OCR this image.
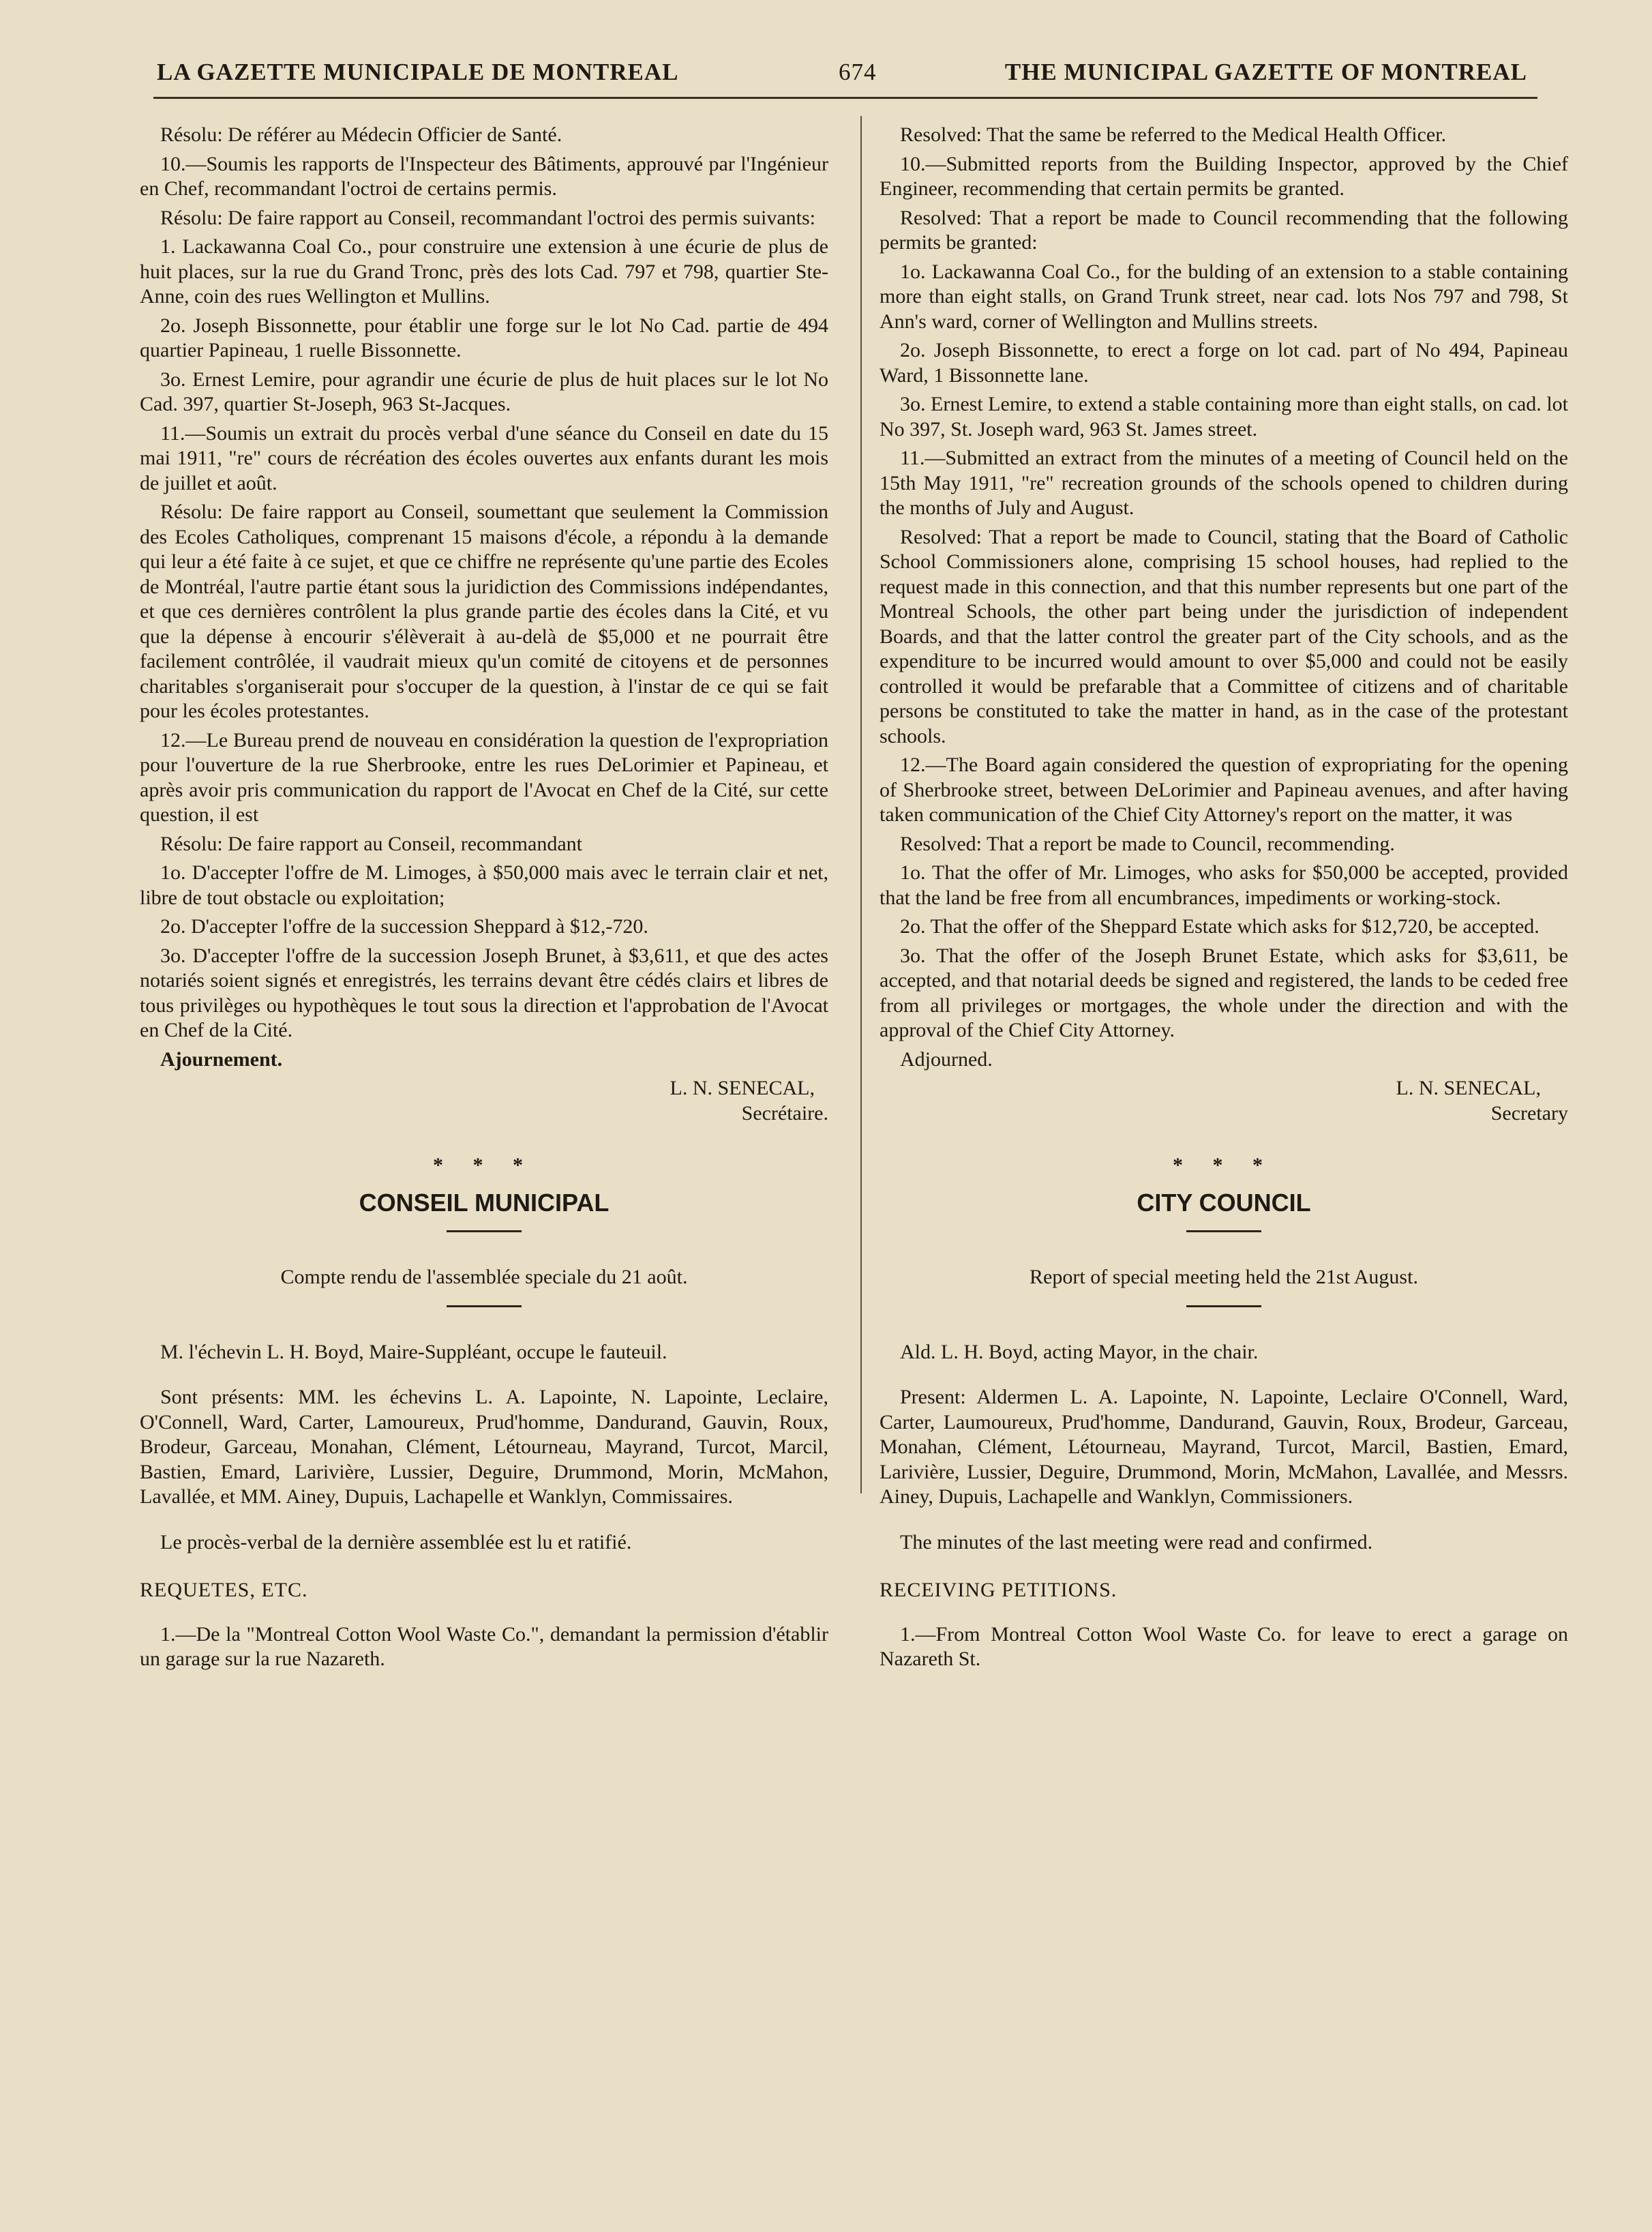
LA GAZETTE MUNICIPALE DE MONTREAL	674	THE MUNICIPAL GAZETTE OF MONTREAL

Résolu: De référer au Médecin Officier de Santé.

10.—Soumis les rapports de l'Inspecteur des Bâtiments, approuvé par l'Ingénieur en Chef, recommandant l'octroi de certains permis.

Résolu: De faire rapport au Conseil, recommandant l'octroi des permis suivants:

1. Lackawanna Coal Co., pour construire une extension à une écurie de plus de huit places, sur la rue du Grand Tronc, près des lots Cad. 797 et 798, quartier Ste-Anne, coin des rues Wellington et Mullins.

2o. Joseph Bissonnette, pour établir une forge sur le lot No Cad. partie de 494 quartier Papineau, 1 ruelle Bissonnette.

3o. Ernest Lemire, pour agrandir une écurie de plus de huit places sur le lot No Cad. 397, quartier St-Joseph, 963 St-Jacques.

11.—Soumis un extrait du procès verbal d'une séance du Conseil en date du 15 mai 1911, "re" cours de récréation des écoles ouvertes aux enfants durant les mois de juillet et août.

Résolu: De faire rapport au Conseil, soumettant que seulement la Commission des Ecoles Catholiques, comprenant 15 maisons d'école, a répondu à la demande qui leur a été faite à ce sujet, et que ce chiffre ne représente qu'une partie des Ecoles de Montréal, l'autre partie étant sous la juridiction des Commissions indépendantes, et que ces dernières contrôlent la plus grande partie des écoles dans la Cité, et vu que la dépense à encourir s'élèverait à au-delà de $5,000 et ne pourrait être facilement contrôlée, il vaudrait mieux qu'un comité de citoyens et de personnes charitables s'organiserait pour s'occuper de la question, à l'instar de ce qui se fait pour les écoles protestantes.

12.—Le Bureau prend de nouveau en considération la question de l'expropriation pour l'ouverture de la rue Sherbrooke, entre les rues DeLorimier et Papineau, et après avoir pris communication du rapport de l'Avocat en Chef de la Cité, sur cette question, il est

Résolu: De faire rapport au Conseil, recommandant

1o. D'accepter l'offre de M. Limoges, à $50,000 mais avec le terrain clair et net, libre de tout obstacle ou exploitation;

2o. D'accepter l'offre de la succession Sheppard à $12,-720.

3o. D'accepter l'offre de la succession Joseph Brunet, à $3,611, et que des actes notariés soient signés et enregistrés, les terrains devant être cédés clairs et libres de tous privilèges ou hypothèques le tout sous la direction et l'approbation de l'Avocat en Chef de la Cité.

Ajournement.

L. N. SENECAL,

Secrétaire.

* * *

CONSEIL MUNICIPAL

Compte rendu de l'assemblée speciale du 21 août.

M. l'échevin L. H. Boyd, Maire-Suppléant, occupe le fauteuil.

Sont présents: MM. les échevins L. A. Lapointe, N. Lapointe, Leclaire, O'Connell, Ward, Carter, Lamoureux, Prud'homme, Dandurand, Gauvin, Roux, Brodeur, Garceau, Monahan, Clément, Létourneau, Mayrand, Turcot, Marcil, Bastien, Emard, Larivière, Lussier, Deguire, Drummond, Morin, McMahon, Lavallée, et MM. Ainey, Dupuis, Lachapelle et Wanklyn, Commissaires.

Le procès-verbal de la dernière assemblée est lu et ratifié.

REQUETES, ETC.

1.—De la "Montreal Cotton Wool Waste Co.", demandant la permission d'établir un garage sur la rue Nazareth.

Resolved: That the same be referred to the Medical Health Officer.

10.—Submitted reports from the Building Inspector, approved by the Chief Engineer, recommending that certain permits be granted.

Resolved: That a report be made to Council recommending that the following permits be granted:

1o. Lackawanna Coal Co., for the bulding of an extension to a stable containing more than eight stalls, on Grand Trunk street, near cad. lots Nos 797 and 798, St Ann's ward, corner of Wellington and Mullins streets.

2o. Joseph Bissonnette, to erect a forge on lot cad. part of No 494, Papineau Ward, 1 Bissonnette lane.

3o. Ernest Lemire, to extend a stable containing more than eight stalls, on cad. lot No 397, St. Joseph ward, 963 St. James street.

11.—Submitted an extract from the minutes of a meeting of Council held on the 15th May 1911, "re" recreation grounds of the schools opened to children during the months of July and August.

Resolved: That a report be made to Council, stating that the Board of Catholic School Commissioners alone, comprising 15 school houses, had replied to the request made in this connection, and that this number represents but one part of the Montreal Schools, the other part being under the jurisdiction of independent Boards, and that the latter control the greater part of the City schools, and as the expenditure to be incurred would amount to over $5,000 and could not be easily controlled it would be prefarable that a Committee of citizens and of charitable persons be constituted to take the matter in hand, as in the case of the protestant schools.

12.—The Board again considered the question of expropriating for the opening of Sherbrooke street, between DeLorimier and Papineau avenues, and after having taken communication of the Chief City Attorney's report on the matter, it was

Resolved: That a report be made to Council, recommending.

1o. That the offer of Mr. Limoges, who asks for $50,000 be accepted, provided that the land be free from all encumbrances, impediments or working-stock.

2o. That the offer of the Sheppard Estate which asks for $12,720, be accepted.

3o. That the offer of the Joseph Brunet Estate, which asks for $3,611, be accepted, and that notarial deeds be signed and registered, the lands to be ceded free from all privileges or mortgages, the whole under the direction and with the approval of the Chief City Attorney.

Adjourned.

L. N. SENECAL,

Secretary

* * *

CITY COUNCIL

Report of special meeting held the 21st August.

Ald. L. H. Boyd, acting Mayor, in the chair.

Present: Aldermen L. A. Lapointe, N. Lapointe, Leclaire O'Connell, Ward, Carter, Laumoureux, Prud'homme, Dandurand, Gauvin, Roux, Brodeur, Garceau, Monahan, Clément, Létourneau, Mayrand, Turcot, Marcil, Bastien, Emard, Larivière, Lussier, Deguire, Drummond, Morin, McMahon, Lavallée, and Messrs. Ainey, Dupuis, Lachapelle and Wanklyn, Commissioners.

The minutes of the last meeting were read and confirmed.

RECEIVING PETITIONS.

1.—From Montreal Cotton Wool Waste Co. for leave to erect a garage on Nazareth St.
